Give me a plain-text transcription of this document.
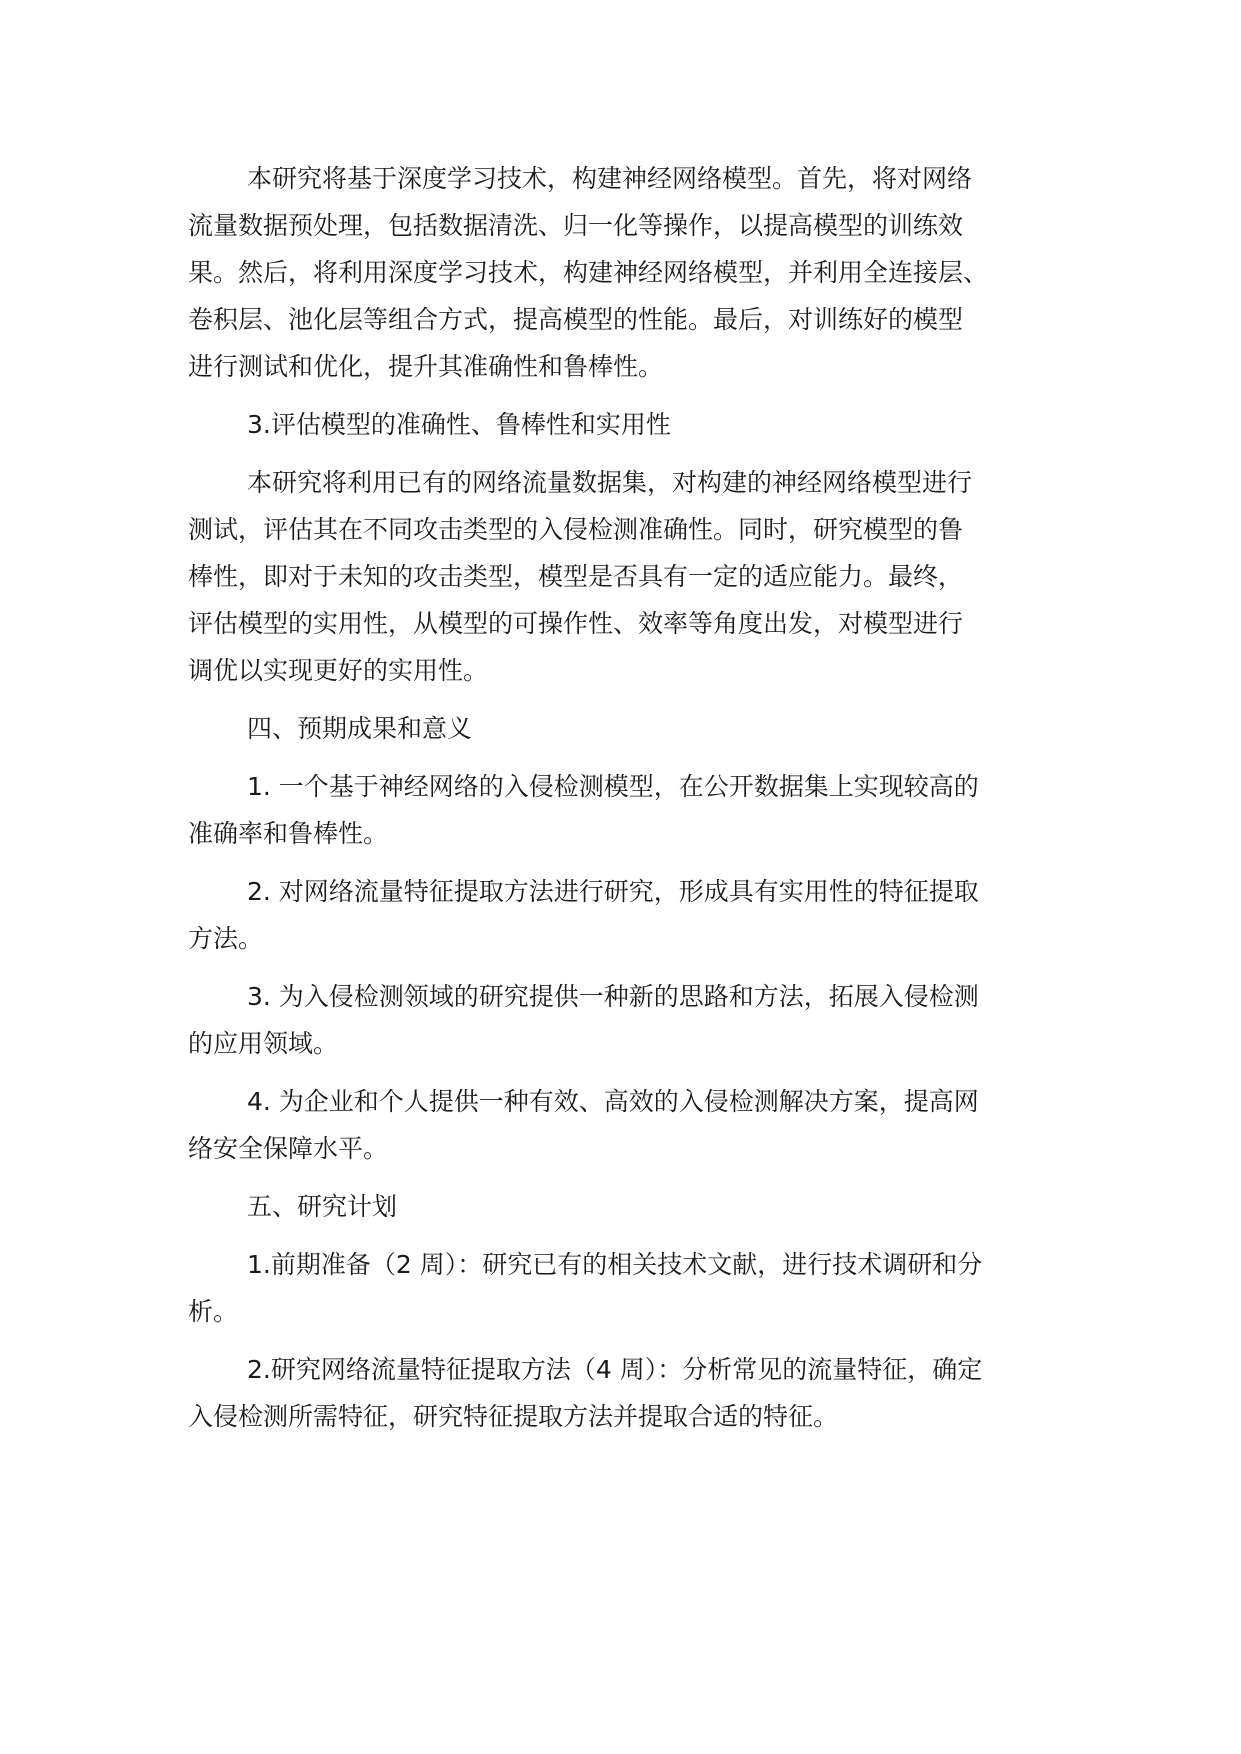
本研究将基于深度学习技术，构建神经网络模型。首先，将对网络
流量数据预处理，包括数据清洗、归一化等操作，以提高模型的训练效
果。然后，将利用深度学习技术，构建神经网络模型，并利用全连接层、
卷积层、池化层等组合方式，提高模型的性能。最后，对训练好的模型
进行测试和优化，提升其准确性和鲁棒性。
3.评估模型的准确性、鲁棒性和实用性
本研究将利用已有的网络流量数据集，对构建的神经网络模型进行
测试，评估其在不同攻击类型的入侵检测准确性。同时，研究模型的鲁
棒性，即对于未知的攻击类型，模型是否具有一定的适应能力。最终，
评估模型的实用性，从模型的可操作性、效率等角度出发，对模型进行
调优以实现更好的实用性。
四、预期成果和意义
1. 一个基于神经网络的入侵检测模型，在公开数据集上实现较高的
准确率和鲁棒性。
2. 对网络流量特征提取方法进行研究，形成具有实用性的特征提取
方法。
3. 为入侵检测领域的研究提供一种新的思路和方法，拓展入侵检测
的应用领域。
4. 为企业和个人提供一种有效、高效的入侵检测解决方案，提高网
络安全保障水平。
五、研究计划
1.前期准备（2 周）：研究已有的相关技术文献，进行技术调研和分
析。
2.研究网络流量特征提取方法（4 周）：分析常见的流量特征，确定
入侵检测所需特征，研究特征提取方法并提取合适的特征。
